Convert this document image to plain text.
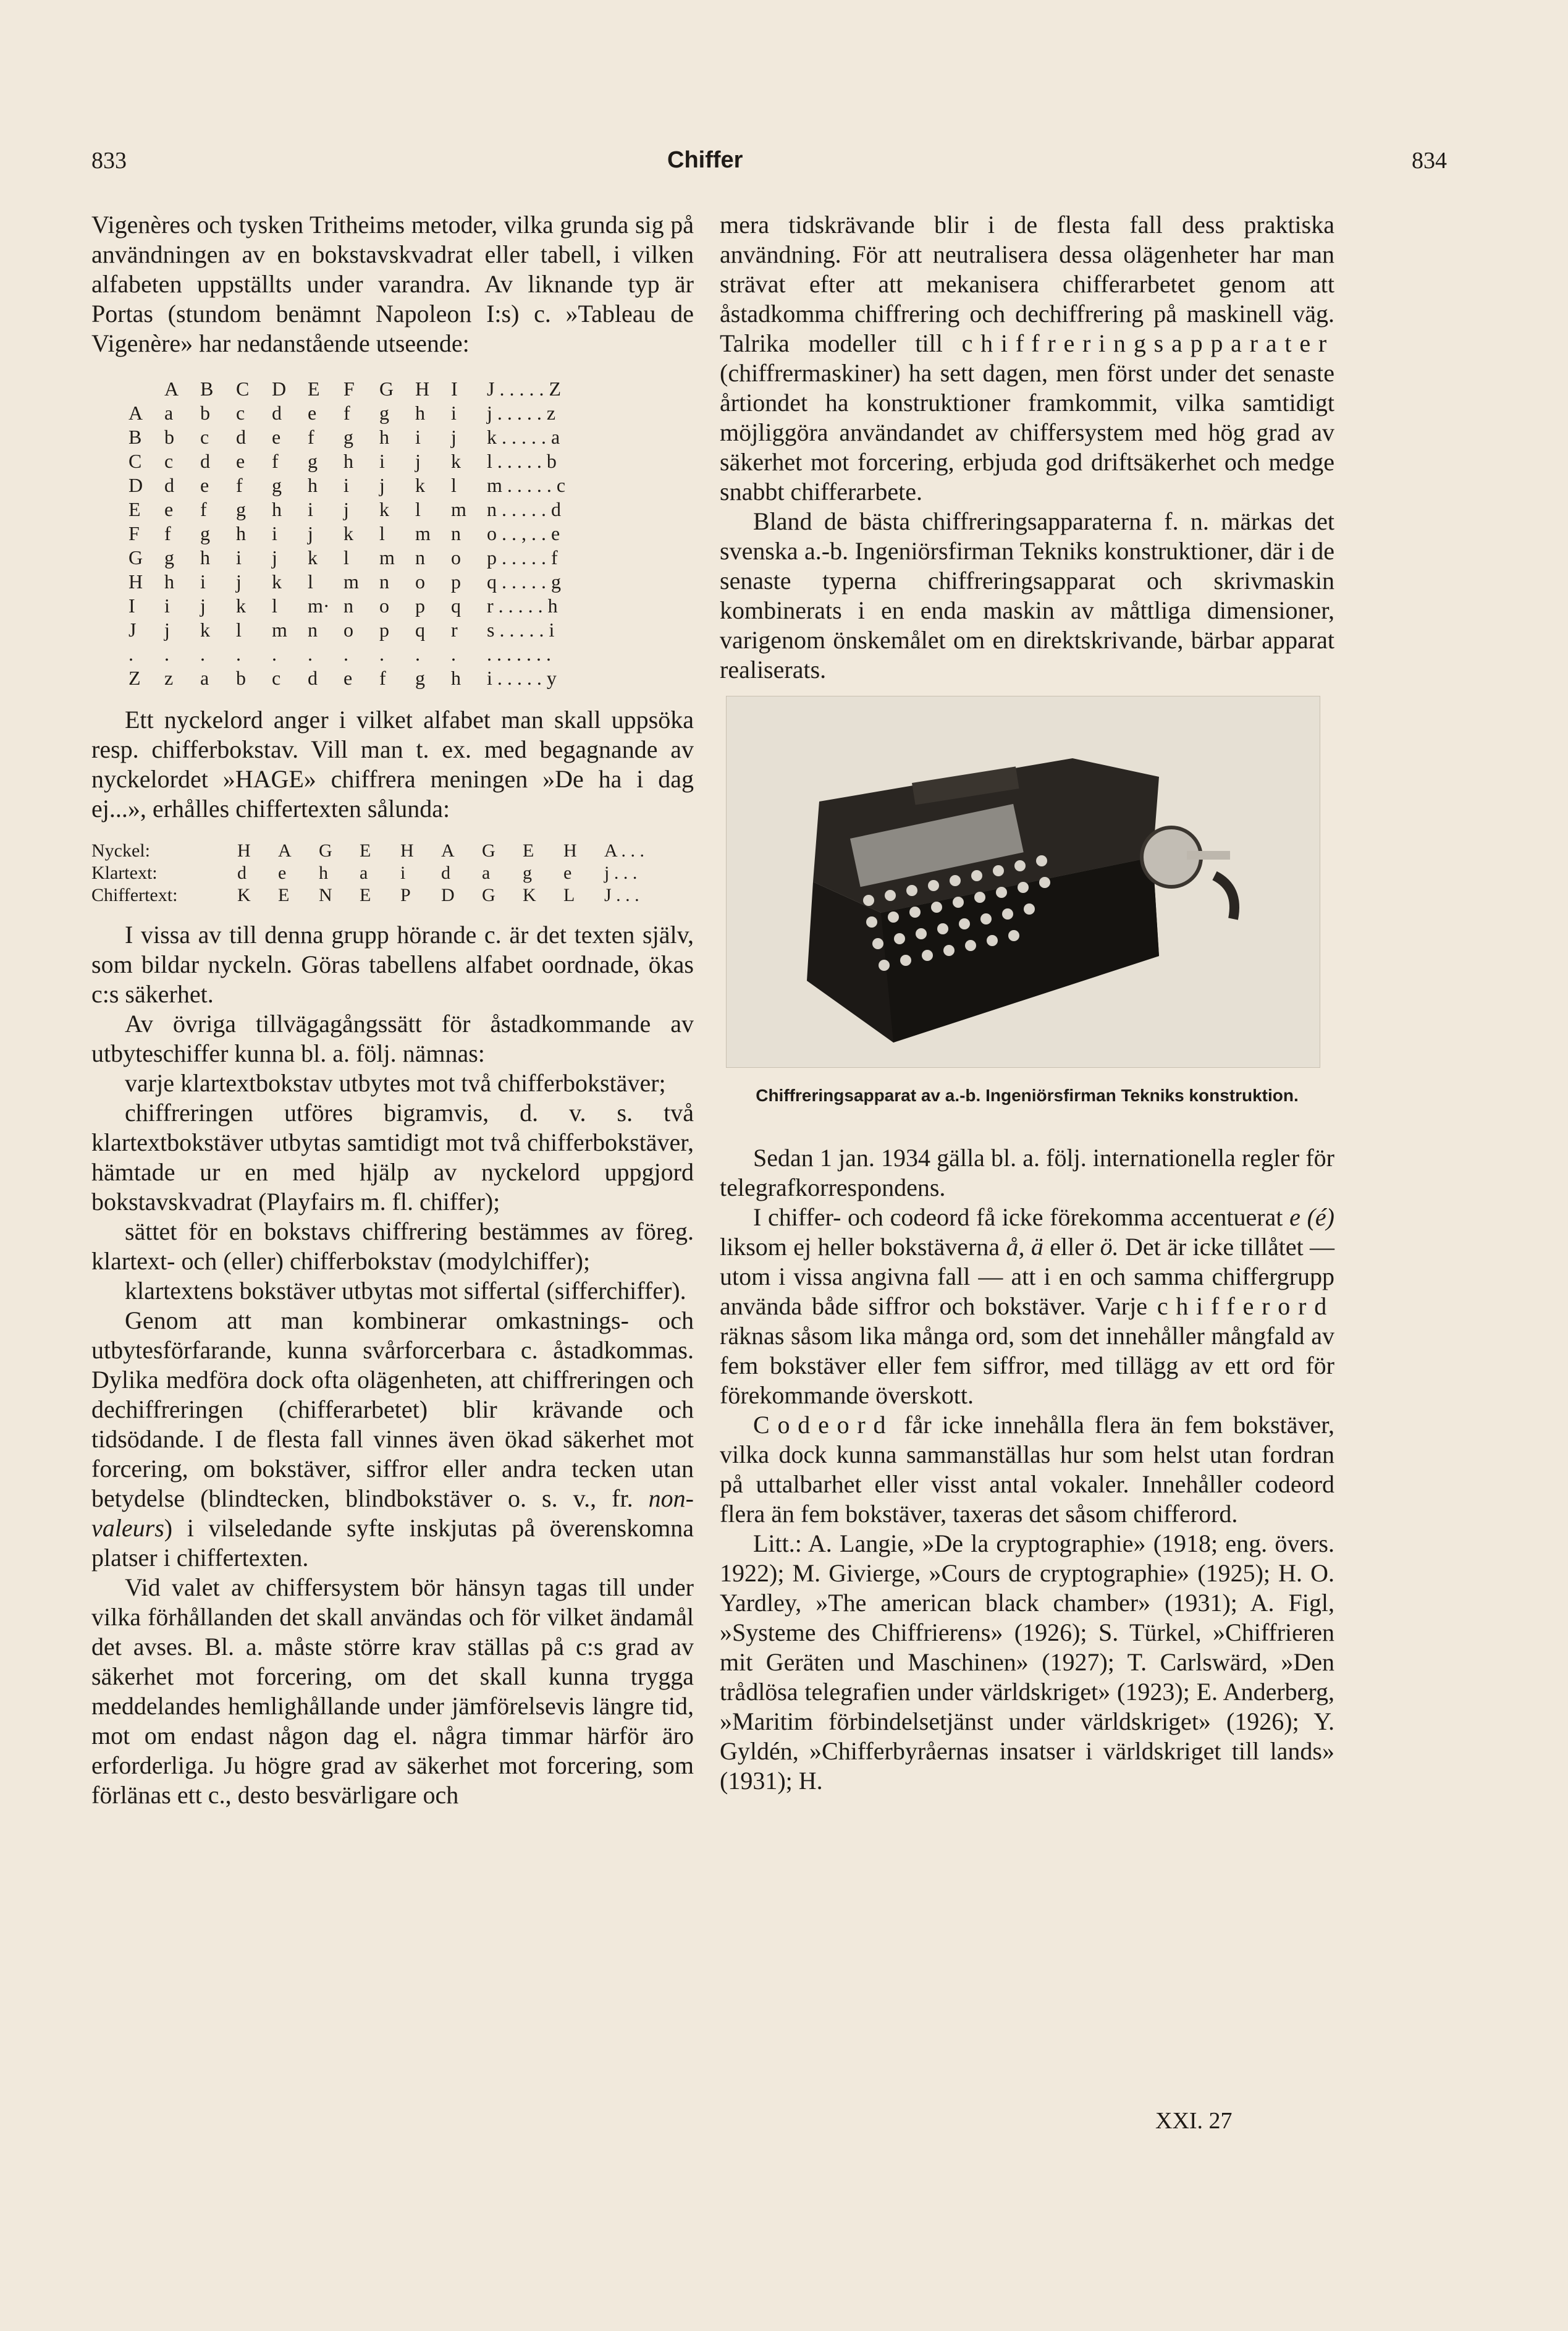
833	Chiffer	834

Vigenères och tysken Tritheims metoder, vilka grunda sig på användningen av en bokstavskvadrat eller tabell, i vilken alfabeten uppställts under varandra. Av liknande typ är Portas (stundom benämnt Napoleon I:s) c. »Tableau de Vigenère» har nedanstående utseende:

	A	B	C	D	E	F	G	H	I	J . . . . . Z
A	a	b	c	d	e	f	g	h	i	j . . . . . z
B	b	c	d	e	f	g	h	i	j	k . . . . . a
C	c	d	e	f	g	h	i	j	k	l . . . . . b
D	d	e	f	g	h	i	j	k	l	m . . . . . c
E	e	f	g	h	i	j	k	l	m	n . . . . . d
F	f	g	h	i	j	k	l	m	n	o . . , . . e
G	g	h	i	j	k	l	m	n	o	p . . . . . f
H	h	i	j	k	l	m	n	o	p	q . . . . . g
I	i	j	k	l	m·	n	o	p	q	r . . . . . h
J	j	k	l	m	n	o	p	q	r	s . . . . . i
.	.	.	.	.	.	.	.	.	.	. . . . . . .
Z	z	a	b	c	d	e	f	g	h	i . . . . . y

Ett nyckelord anger i vilket alfabet man skall uppsöka resp. chifferbokstav. Vill man t. ex. med begagnande av nyckelordet »HAGE» chiffrera meningen »De ha i dag ej...», erhålles chiffertexten sålunda:

Nyckel:	H	A	G	E	H	A	G	E	H	A . . .
Klartext:	d	e	h	a	i	d	a	g	e	j . . .
Chiffertext:	K	E	N	E	P	D	G	K	L	J . . .

I vissa av till denna grupp hörande c. är det texten själv, som bildar nyckeln. Göras tabellens alfabet oordnade, ökas c:s säkerhet.

Av övriga tillvägagångssätt för åstadkommande av utbyteschiffer kunna bl. a. följ. nämnas:

varje klartextbokstav utbytes mot två chifferbokstäver;

chiffreringen utföres bigramvis, d. v. s. två klartextbokstäver utbytas samtidigt mot två chifferbokstäver, hämtade ur en med hjälp av nyckelord uppgjord bokstavskvadrat (Playfairs m. fl. chiffer);

sättet för en bokstavs chiffrering bestämmes av föreg. klartext- och (eller) chifferbokstav (modylchiffer);

klartextens bokstäver utbytas mot siffertal (sifferchiffer).

Genom att man kombinerar omkastnings- och utbytesförfarande, kunna svårforcerbara c. åstadkommas. Dylika medföra dock ofta olägenheten, att chiffreringen och dechiffreringen (chifferarbetet) blir krävande och tidsödande. I de flesta fall vinnes även ökad säkerhet mot forcering, om bokstäver, siffror eller andra tecken utan betydelse (blindtecken, blindbokstäver o. s. v., fr. non-valeurs) i vilseledande syfte inskjutas på överenskomna platser i chiffertexten.

Vid valet av chiffersystem bör hänsyn tagas till under vilka förhållanden det skall användas och för vilket ändamål det avses. Bl. a. måste större krav ställas på c:s grad av säkerhet mot forcering, om det skall kunna trygga meddelandes hemlighållande under jämförelsevis längre tid, mot om endast någon dag el. några timmar härför äro erforderliga. Ju högre grad av säkerhet mot forcering, som förlänas ett c., desto besvärligare och

mera tidskrävande blir i de flesta fall dess praktiska användning. För att neutralisera dessa olägenheter har man strävat efter att mekanisera chifferarbetet genom att åstadkomma chiffrering och dechiffrering på maskinell väg. Talrika modeller till chiffreringsapparater (chiffrermaskiner) ha sett dagen, men först under det senaste årtiondet ha konstruktioner framkommit, vilka samtidigt möjliggöra användandet av chiffersystem med hög grad av säkerhet mot forcering, erbjuda god driftsäkerhet och medge snabbt chifferarbete.

Bland de bästa chiffreringsapparaterna f. n. märkas det svenska a.-b. Ingeniörsfirman Tekniks konstruktioner, där i de senaste typerna chiffreringsapparat och skrivmaskin kombinerats i en enda maskin av måttliga dimensioner, varigenom önskemålet om en direktskrivande, bärbar apparat realiserats.

Chiffreringsapparat av a.-b. Ingeniörsfirman Tekniks konstruktion.

Sedan 1 jan. 1934 gälla bl. a. följ. internationella regler för telegrafkorrespondens.

I chiffer- och codeord få icke förekomma accentuerat e (é) liksom ej heller bokstäverna å, ä eller ö. Det är icke tillåtet — utom i vissa angivna fall — att i en och samma chiffergrupp använda både siffror och bokstäver. Varje chifferord räknas såsom lika många ord, som det innehåller mångfald av fem bokstäver eller fem siffror, med tillägg av ett ord för förekommande överskott.

Codeord får icke innehålla flera än fem bokstäver, vilka dock kunna sammanställas hur som helst utan fordran på uttalbarhet eller visst antal vokaler. Innehåller codeord flera än fem bokstäver, taxeras det såsom chifferord.

Litt.: A. Langie, »De la cryptographie» (1918; eng. övers. 1922); M. Givierge, »Cours de cryptographie» (1925); H. O. Yardley, »The american black chamber» (1931); A. Figl, »Systeme des Chiffrierens» (1926); S. Türkel, »Chiffrieren mit Geräten und Maschinen» (1927); T. Carlswärd, »Den trådlösa telegrafien under världskriget» (1923); E. Anderberg, »Maritim förbindelsetjänst under världskriget» (1926); Y. Gyldén, »Chifferbyråernas insatser i världskriget till lands» (1931); H.

XXI. 27
